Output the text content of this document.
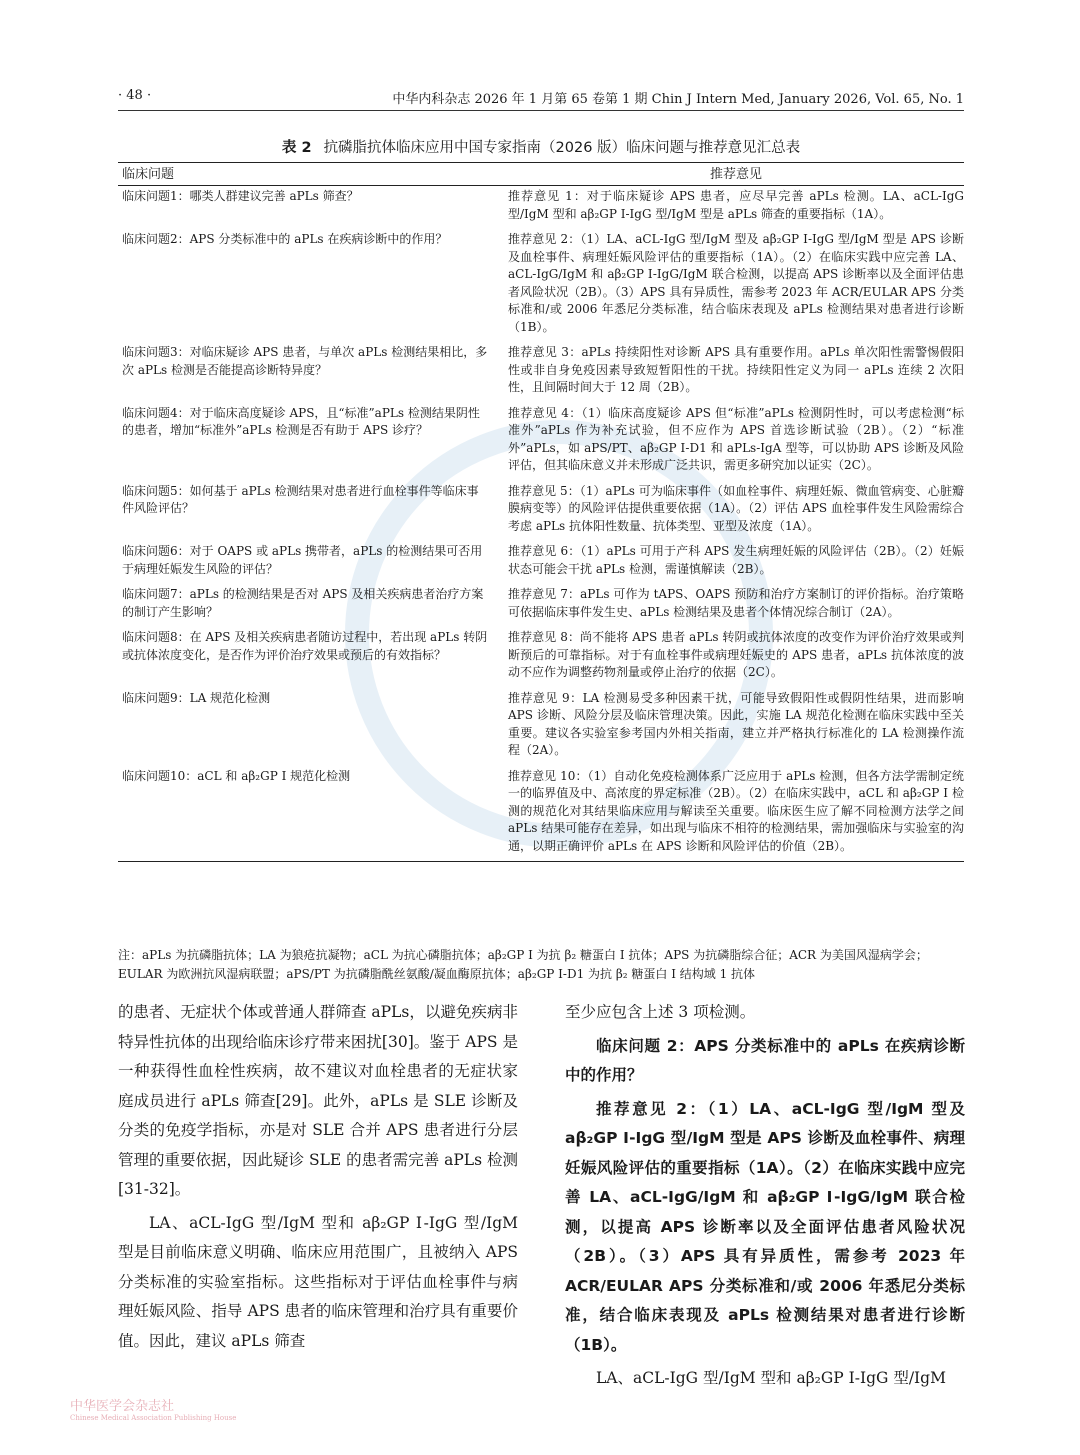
· 48 ·	中华内科杂志 2026 年 1 月第 65 卷第 1 期 Chin J Intern Med, January 2026, Vol. 65, No. 1
表 2 抗磷脂抗体临床应用中国专家指南（2026 版）临床问题与推荐意见汇总表
临床问题	推荐意见
临床问题1：哪类人群建议完善 aPLs 筛查？	推荐意见 1：对于临床疑诊 APS 患者，应尽早完善 aPLs 检测。LA、aCL-IgG 型/IgM 型和 aβ₂GP Ⅰ-IgG 型/IgM 型是 aPLs 筛查的重要指标（1A）。
临床问题2：APS 分类标准中的 aPLs 在疾病诊断中的作用？	推荐意见 2：（1）LA、aCL-IgG 型/IgM 型及 aβ₂GP Ⅰ-IgG 型/IgM 型是 APS 诊断及血栓事件、病理妊娠风险评估的重要指标（1A）。（2）在临床实践中应完善 LA、aCL-IgG/IgM 和 aβ₂GP Ⅰ-IgG/IgM 联合检测，以提高 APS 诊断率以及全面评估患者风险状况（2B）。（3）APS 具有异质性，需参考 2023 年 ACR/EULAR APS 分类标准和/或 2006 年悉尼分类标准，结合临床表现及 aPLs 检测结果对患者进行诊断（1B）。
临床问题3：对临床疑诊 APS 患者，与单次 aPLs 检测结果相比，多次 aPLs 检测是否能提高诊断特异度？
推荐意见 3：aPLs 持续阳性对诊断 APS 具有重要作用。aPLs 单次阳性需警惕假阳性或非自身免疫因素导致短暂阳性的干扰。持续阳性定义为同一 aPLs 连续 2 次阳性，且间隔时间大于 12 周（2B）。
临床问题4：对于临床高度疑诊 APS，且“标准”aPLs 检测结果阴性的患者，增加“标准外”aPLs 检测是否有助于 APS 诊疗？
推荐意见 4：（1）临床高度疑诊 APS 但“标准”aPLs 检测阴性时，可以考虑检测“标准外”aPLs 作为补充试验，但不应作为 APS 首选诊断试验（2B）。（2）“标准外”aPLs，如 aPS/PT、aβ₂GP Ⅰ-D1 和 aPLs-IgA 型等，可以协助 APS 诊断及风险评估，但其临床意义并未形成广泛共识，需更多研究加以证实（2C）。
临床问题5：如何基于 aPLs 检测结果对患者进行血栓事件等临床事件风险评估？
推荐意见 5：（1）aPLs 可为临床事件（如血栓事件、病理妊娠、微血管病变、心脏瓣膜病变等）的风险评估提供重要依据（1A）。（2）评估 APS 血栓事件发生风险需综合考虑 aPLs 抗体阳性数量、抗体类型、亚型及浓度（1A）。
临床问题6：对于 OAPS 或 aPLs 携带者，aPLs 的检测结果可否用于病理妊娠发生风险的评估？
推荐意见 6：（1）aPLs 可用于产科 APS 发生病理妊娠的风险评估（2B）。（2）妊娠状态可能会干扰 aPLs 检测，需谨慎解读（2B）。
临床问题7：aPLs 的检测结果是否对 APS 及相关疾病患者治疗方案的制订产生影响？
推荐意见 7：aPLs 可作为 tAPS、OAPS 预防和治疗方案制订的评价指标。治疗策略可依据临床事件发生史、aPLs 检测结果及患者个体情况综合制订（2A）。
临床问题8：在 APS 及相关疾病患者随访过程中，若出现 aPLs 转阴或抗体浓度变化，是否作为评价治疗效果或预后的有效指标？
推荐意见 8：尚不能将 APS 患者 aPLs 转阴或抗体浓度的改变作为评价治疗效果或判断预后的可靠指标。对于有血栓事件或病理妊娠史的 APS 患者，aPLs 抗体浓度的波动不应作为调整药物剂量或停止治疗的依据（2C）。
临床问题9：LA 规范化检测	推荐意见 9：LA 检测易受多种因素干扰，可能导致假阳性或假阴性结果，进而影响 APS 诊断、风险分层及临床管理决策。因此，实施 LA 规范化检测在临床实践中至关重要。建议各实验室参考国内外相关指南，建立并严格执行标准化的 LA 检测操作流程（2A）。
临床问题10：aCL 和 aβ₂GP Ⅰ 规范化检测	推荐意见 10：（1）自动化免疫检测体系广泛应用于 aPLs 检测，但各方法学需制定统一的临界值及中、高浓度的界定标准（2B）。（2）在临床实践中，aCL 和 aβ₂GP Ⅰ 检测的规范化对其结果临床应用与解读至关重要。临床医生应了解不同检测方法学之间 aPLs 结果可能存在差异，如出现与临床不相符的检测结果，需加强临床与实验室的沟通，以期正确评价 aPLs 在 APS 诊断和风险评估的价值（2B）。
注：aPLs 为抗磷脂抗体；LA 为狼疮抗凝物；aCL 为抗心磷脂抗体；aβ₂GP Ⅰ 为抗 β₂ 糖蛋白 Ⅰ 抗体；APS 为抗磷脂综合征；ACR 为美国风湿病学会；EULAR 为欧洲抗风湿病联盟；aPS/PT 为抗磷脂酰丝氨酸/凝血酶原抗体；aβ₂GP Ⅰ-D1 为抗 β₂ 糖蛋白 Ⅰ 结构域 1 抗体

的患者、无症状个体或普通人群筛查 aPLs，以避免疾病非特异性抗体的出现给临床诊疗带来困扰[30]。鉴于 APS 是一种获得性血栓性疾病，故不建议对血栓患者的无症状家庭成员进行 aPLs 筛查[29]。此外，aPLs 是 SLE 诊断及分类的免疫学指标，亦是对 SLE 合并 APS 患者进行分层管理的重要依据，因此疑诊 SLE 的患者需完善 aPLs 检测[31-32]。

LA、aCL-IgG 型/IgM 型和 aβ₂GP Ⅰ-IgG 型/IgM 型是目前临床意义明确、临床应用范围广，且被纳入 APS 分类标准的实验室指标。这些指标对于评估血栓事件与病理妊娠风险、指导 APS 患者的临床管理和治疗具有重要价值。因此，建议 aPLs 筛查

至少应包含上述 3 项检测。

临床问题 2：APS 分类标准中的 aPLs 在疾病诊断中的作用？

推荐意见 2：（1）LA、aCL-IgG 型/IgM 型及 aβ₂GP Ⅰ-IgG 型/IgM 型是 APS 诊断及血栓事件、病理妊娠风险评估的重要指标（1A）。（2）在临床实践中应完善 LA、aCL-IgG/IgM 和 aβ₂GP Ⅰ-IgG/IgM 联合检测，以提高 APS 诊断率以及全面评估患者风险状况（2B）。（3）APS 具有异质性，需参考 2023 年 ACR/EULAR APS 分类标准和/或 2006 年悉尼分类标准，结合临床表现及 aPLs 检测结果对患者进行诊断（1B）。

LA、aCL-IgG 型/IgM 型和 aβ₂GP Ⅰ-IgG 型/IgM

中华医学会杂志社
Chinese Medical Association Publishing House
